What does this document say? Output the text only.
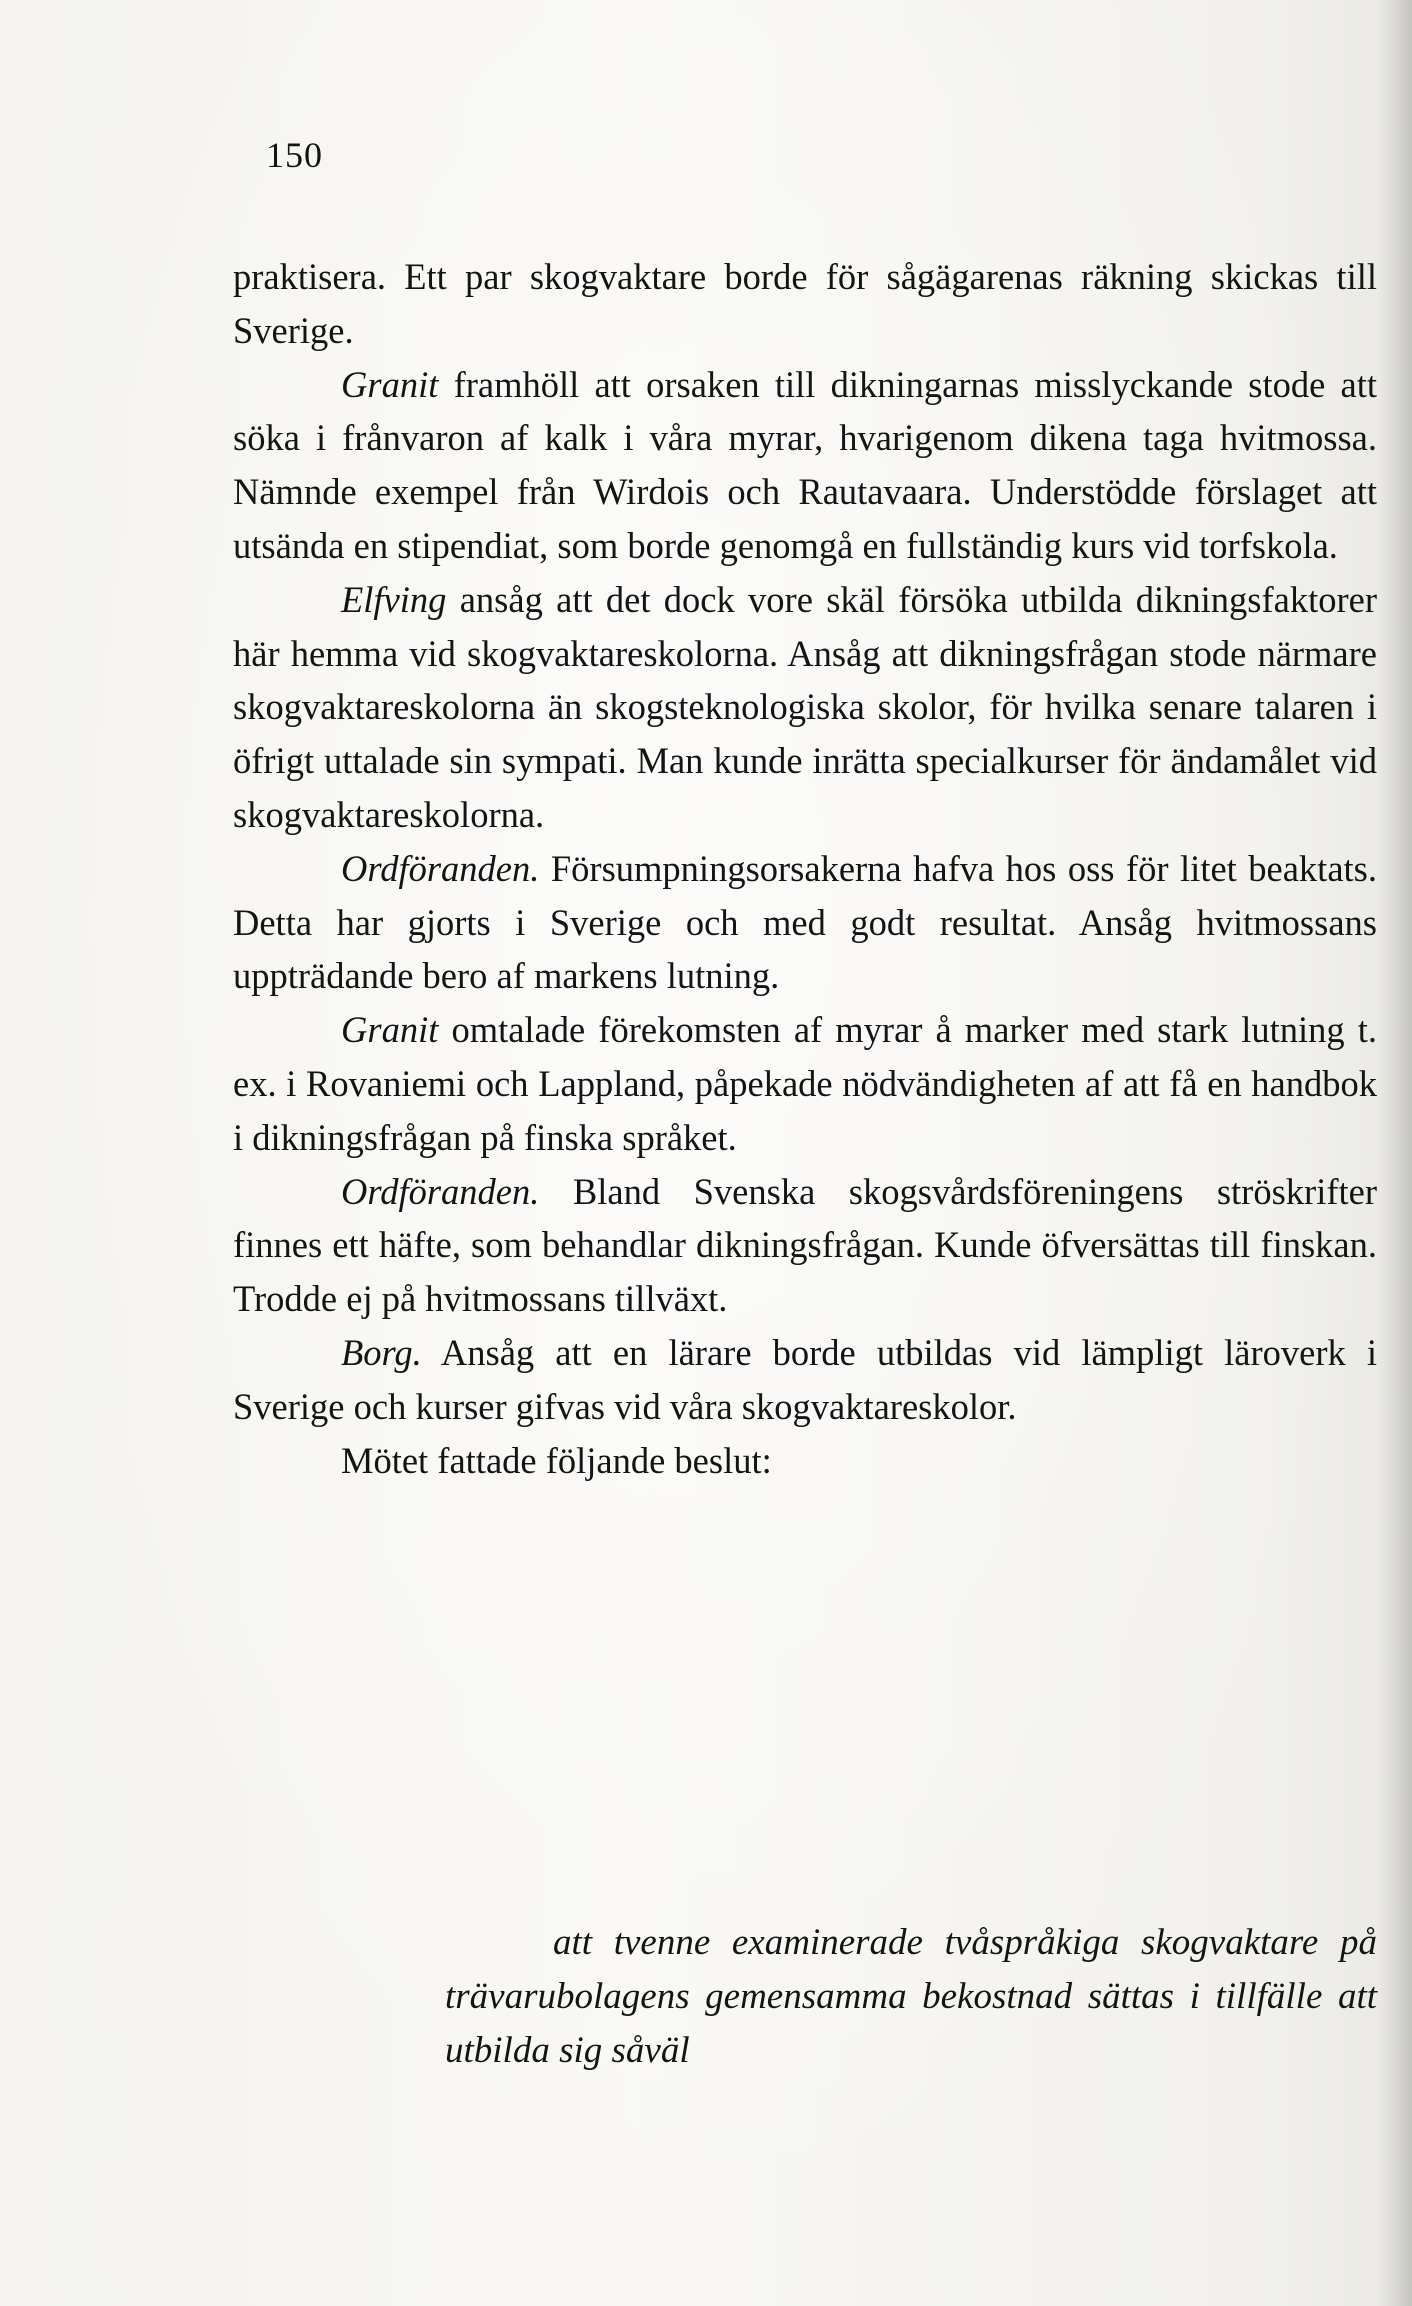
150

praktisera. Ett par skogvaktare borde för sågägarenas räkning skickas till Sverige.

Granit framhöll att orsaken till dikningarnas misslyckande stode att söka i frånvaron af kalk i våra myrar, hvarigenom dikena taga hvitmossa. Nämnde exempel från Wirdois och Rautavaara. Understödde förslaget att utsända en stipendiat, som borde genomgå en fullständig kurs vid torfskola.

Elfving ansåg att det dock vore skäl försöka utbilda dikningsfaktorer här hemma vid skogvaktareskolorna. Ansåg att dikningsfrågan stode närmare skogvaktareskolorna än skogsteknologiska skolor, för hvilka senare talaren i öfrigt uttalade sin sympati. Man kunde inrätta specialkurser för ändamålet vid skogvaktareskolorna.

Ordföranden. Försumpningsorsakerna hafva hos oss för litet beaktats. Detta har gjorts i Sverige och med godt resultat. Ansåg hvitmossans uppträdande bero af markens lutning.

Granit omtalade förekomsten af myrar å marker med stark lutning t. ex. i Rovaniemi och Lappland, påpekade nödvändigheten af att få en handbok i dikningsfrågan på finska språket.

Ordföranden. Bland Svenska skogsvårdsföreningens ströskrifter finnes ett häfte, som behandlar dikningsfrågan. Kunde öfversättas till finskan. Trodde ej på hvitmossans tillväxt.

Borg. Ansåg att en lärare borde utbildas vid lämpligt läroverk i Sverige och kurser gifvas vid våra skogvaktareskolor.

Mötet fattade följande beslut:

att tvenne examinerade tvåspråkiga skogvaktare på trävarubolagens gemensamma bekostnad sättas i tillfälle att utbilda sig såväl
